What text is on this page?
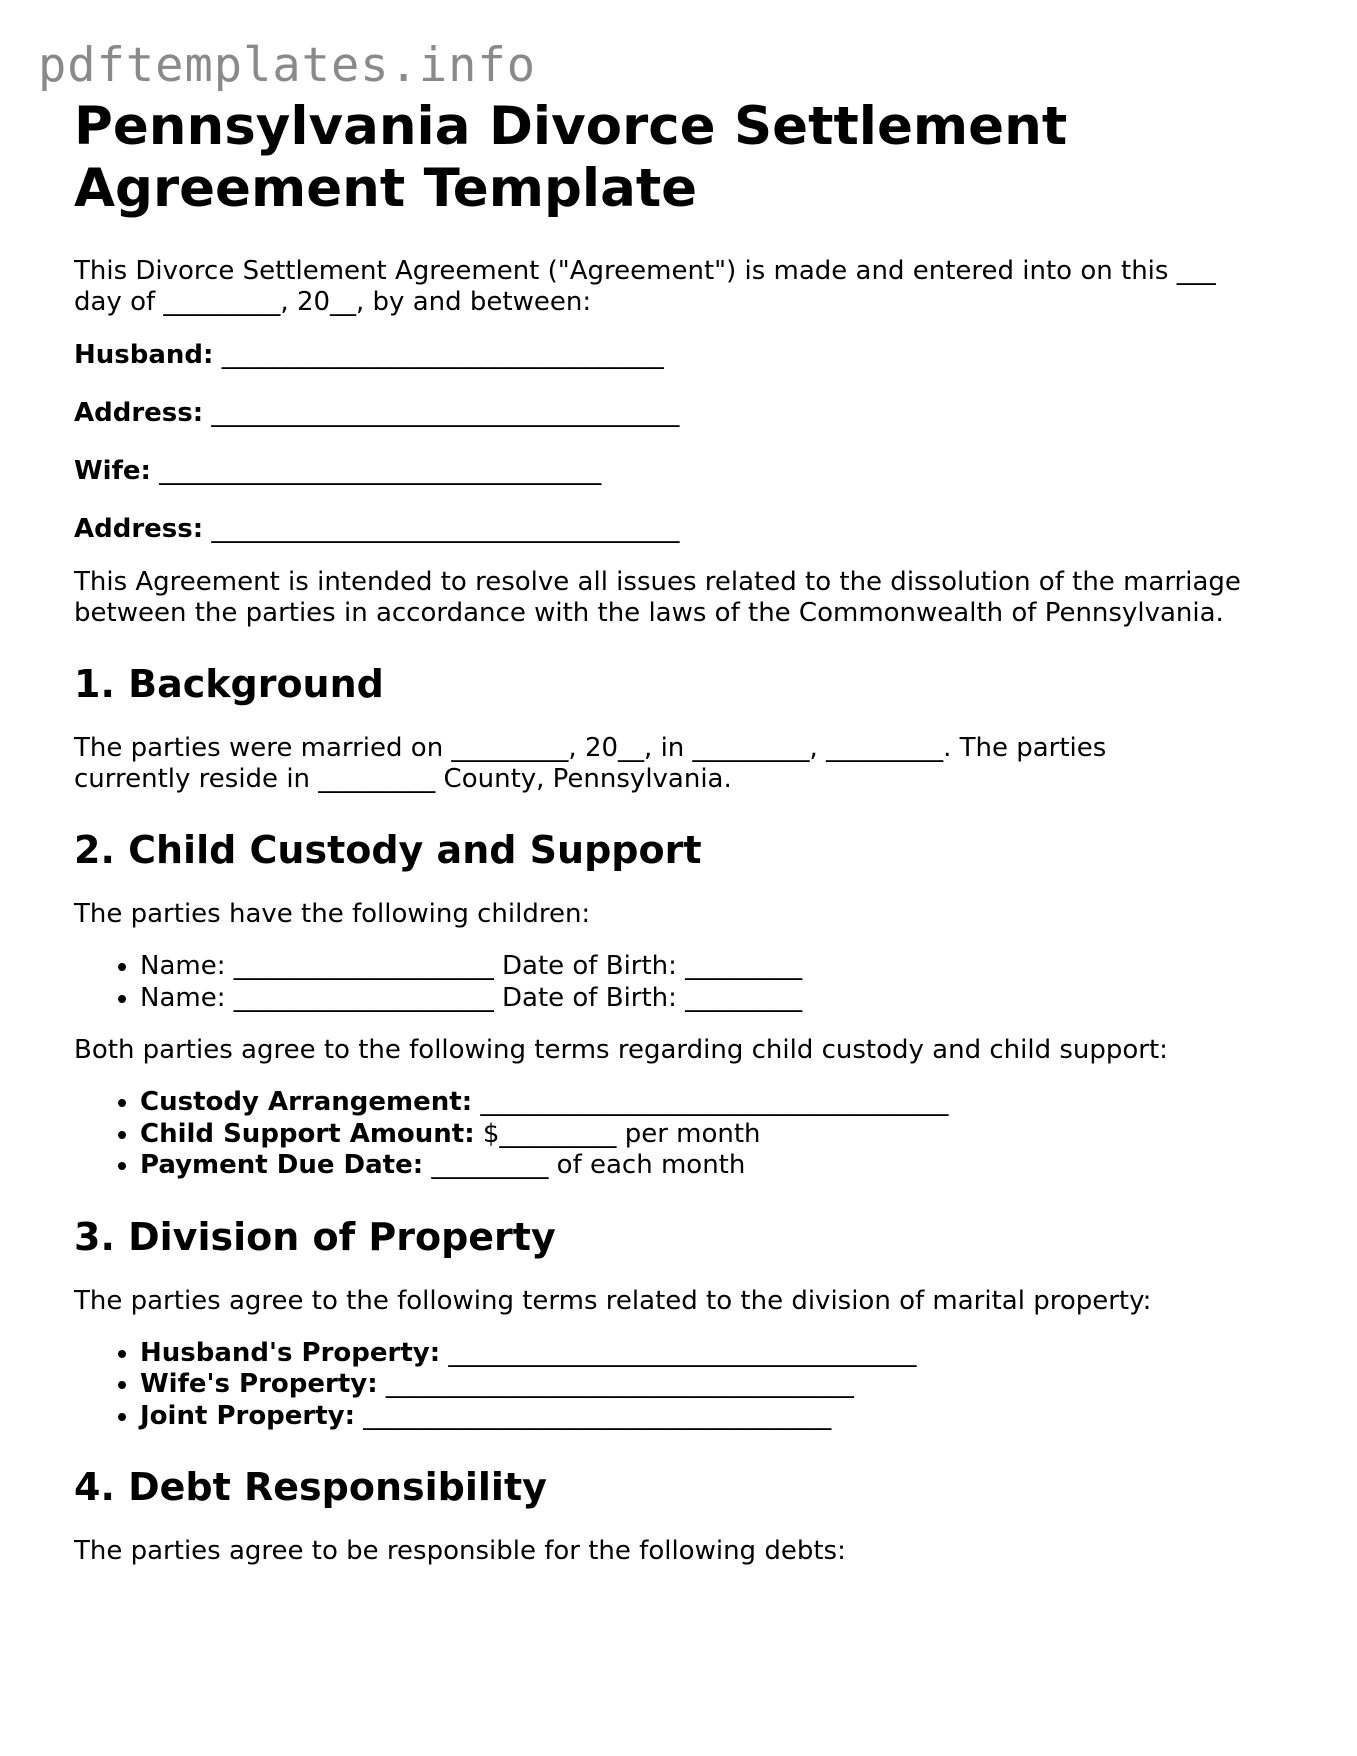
pdftemplates.info
Pennsylvania Divorce Settlement Agreement Template

This Divorce Settlement Agreement ("Agreement") is made and entered into on this ___ day of _________, 20__, by and between:

Husband: __________________________________

Address: ____________________________________

Wife: __________________________________

Address: ____________________________________

This Agreement is intended to resolve all issues related to the dissolution of the marriage between the parties in accordance with the laws of the Commonwealth of Pennsylvania.

1. Background

The parties were married on _________, 20__, in _________, _________. The parties currently reside in _________ County, Pennsylvania.

2. Child Custody and Support

The parties have the following children:

• Name: ____________________ Date of Birth: _________
• Name: ____________________ Date of Birth: _________

Both parties agree to the following terms regarding child custody and child support:

• Custody Arrangement: ____________________________________
• Child Support Amount: $_________ per month
• Payment Due Date: _________ of each month
3. Division of Property

The parties agree to the following terms related to the division of marital property:

• Husband's Property: ____________________________________
• Wife's Property: ____________________________________
• Joint Property: ____________________________________
4. Debt Responsibility

The parties agree to be responsible for the following debts:
